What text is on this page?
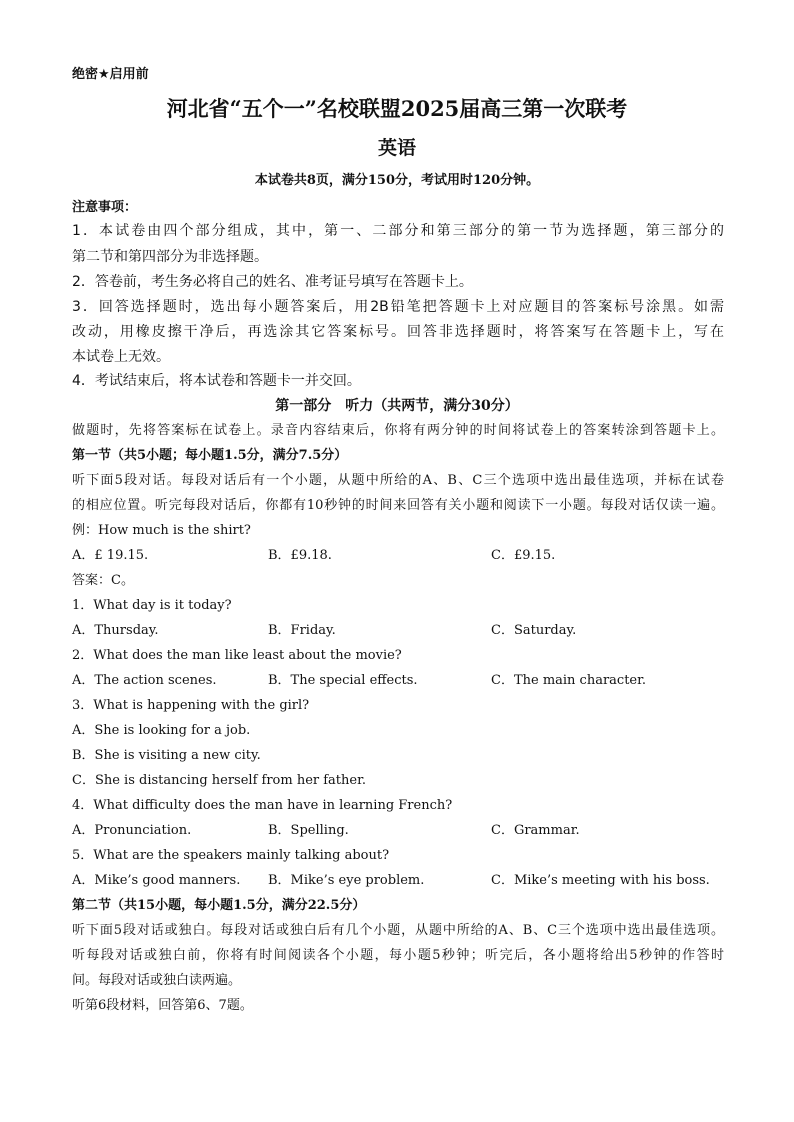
绝密★启用前
河北省“五个一”名校联盟2025届高三第一次联考
英语
本试卷共8页，满分150分，考试用时120分钟。
注意事项：
1．本试卷由四个部分组成，其中，第一、二部分和第三部分的第一节为选择题，第三部分的
第二节和第四部分为非选择题。
2．答卷前，考生务必将自己的姓名、准考证号填写在答题卡上。
3．回答选择题时，选出每小题答案后，用2B铅笔把答题卡上对应题目的答案标号涂黑。如需
改动，用橡皮擦干净后，再选涂其它答案标号。回答非选择题时，将答案写在答题卡上，写在
本试卷上无效。
4．考试结束后，将本试卷和答题卡一并交回。
第一部分　听力（共两节，满分30分）
做题时，先将答案标在试卷上。录音内容结束后，你将有两分钟的时间将试卷上的答案转涂到答题卡上。
第一节（共5小题；每小题1.5分，满分7.5分）
听下面5段对话。每段对话后有一个小题，从题中所给的A、B、C三个选项中选出最佳选项，并标在试卷
的相应位置。听完每段对话后，你都有10秒钟的时间来回答有关小题和阅读下一小题。每段对话仅读一遍。
例：How much is the shirt?
A．£ 19.15.	B．£9.18.	C．£9.15.
答案：C。
1．What day is it today?
A．Thursday.	B．Friday.	C．Saturday.
2．What does the man like least about the movie?
A．The action scenes.	B．The special effects.	C．The main character.
3．What is happening with the girl?
A．She is looking for a job.
B．She is visiting a new city.
C．She is distancing herself from her father.
4．What difficulty does the man have in learning French?
A．Pronunciation.	B．Spelling.	C．Grammar.
5．What are the speakers mainly talking about?
A．Mike’s good manners. B．Mike’s eye problem.	C．Mike’s meeting with his boss.
第二节（共15小题，每小题1.5分，满分22.5分）
听下面5段对话或独白。每段对话或独白后有几个小题，从题中所给的A、B、C三个选项中选出最佳选项。
听每段对话或独白前，你将有时间阅读各个小题，每小题5秒钟；听完后，各小题将给出5秒钟的作答时
间。每段对话或独白读两遍。
听第6段材料，回答第6、7题。
